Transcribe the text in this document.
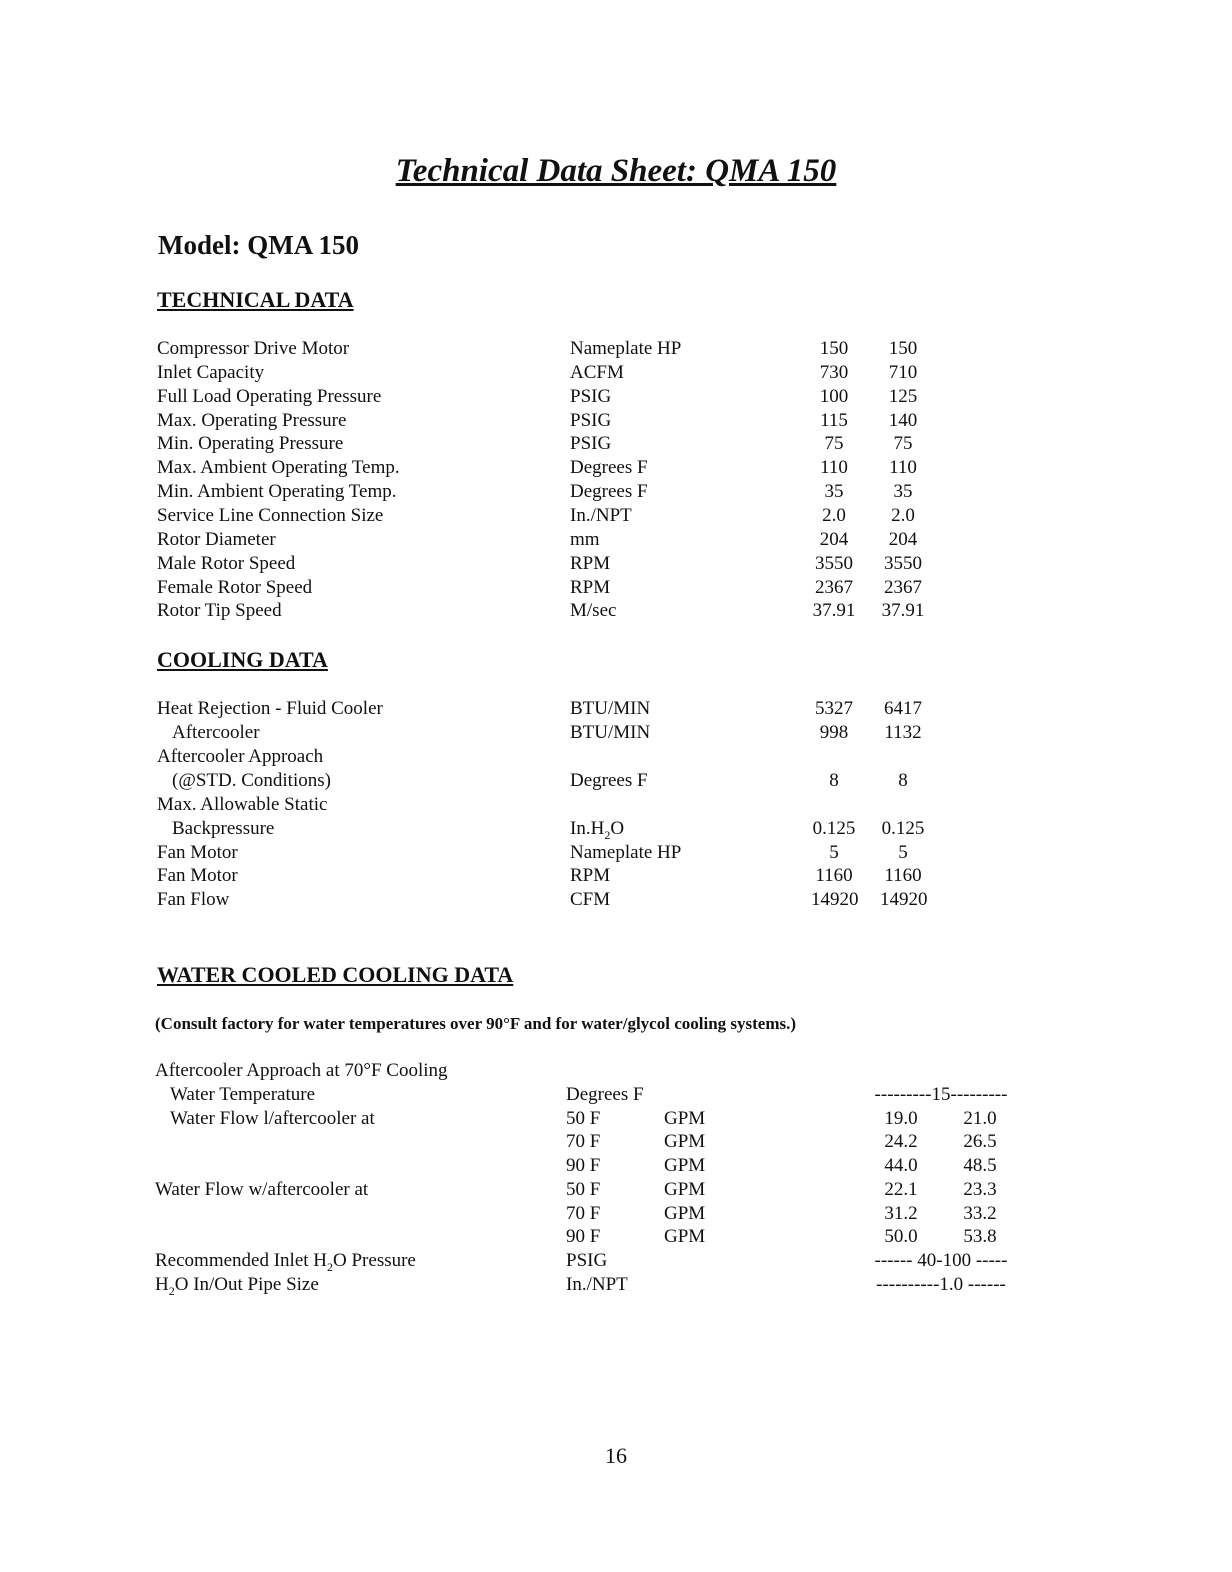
Technical Data Sheet: QMA 150
Model: QMA 150
TECHNICAL DATA
Compressor Drive Motor	Nameplate HP	150	150
Inlet Capacity	ACFM	730	710
Full Load Operating Pressure	PSIG	100	125
Max. Operating Pressure	PSIG	115	140
Min. Operating Pressure	PSIG	75	75
Max. Ambient Operating Temp.	Degrees F	110	110
Min. Ambient Operating Temp.	Degrees F	35	35
Service Line Connection Size	In./NPT	2.0	2.0
Rotor Diameter	mm	204	204
Male Rotor Speed	RPM	3550 3550
Female Rotor Speed	RPM	2367 2367
Rotor Tip Speed	M/sec	37.91 37.91
COOLING DATA
Heat Rejection - Fluid Cooler	BTU/MIN	5327 6417
Aftercooler	BTU/MIN	998	1132
Aftercooler Approach
(@STD. Conditions)	Degrees F	8	8
Max. Allowable Static
Backpressure	$In.H_2O$	0.125 0.125
Fan Motor	Nameplate HP	5	5
Fan Motor	RPM	1160 1160
Fan Flow	CFM	14920 14920
WATER COOLED COOLING DATA

(Consult factory for water temperatures over 90°F and for water/glycol cooling systems.)

Aftercooler Approach at 70°F Cooling
Water Temperature	Degrees F	---------15---------
Water Flow l/aftercooler at	50 F	GPM	19.0	21.0
70 F	GPM	24.2	26.5
90 F	GPM	44.0	48.5
Water Flow w/aftercooler at	50 F	GPM	22.1	23.3
70 F	GPM	31.2	33.2
90 F	GPM	50.0	53.8
Recommended Inlet $H_2O$ Pressure	PSIG	------ 40-100 -----
$H_2O$ In/Out Pipe Size	In./NPT	----------1.0 ------

16
